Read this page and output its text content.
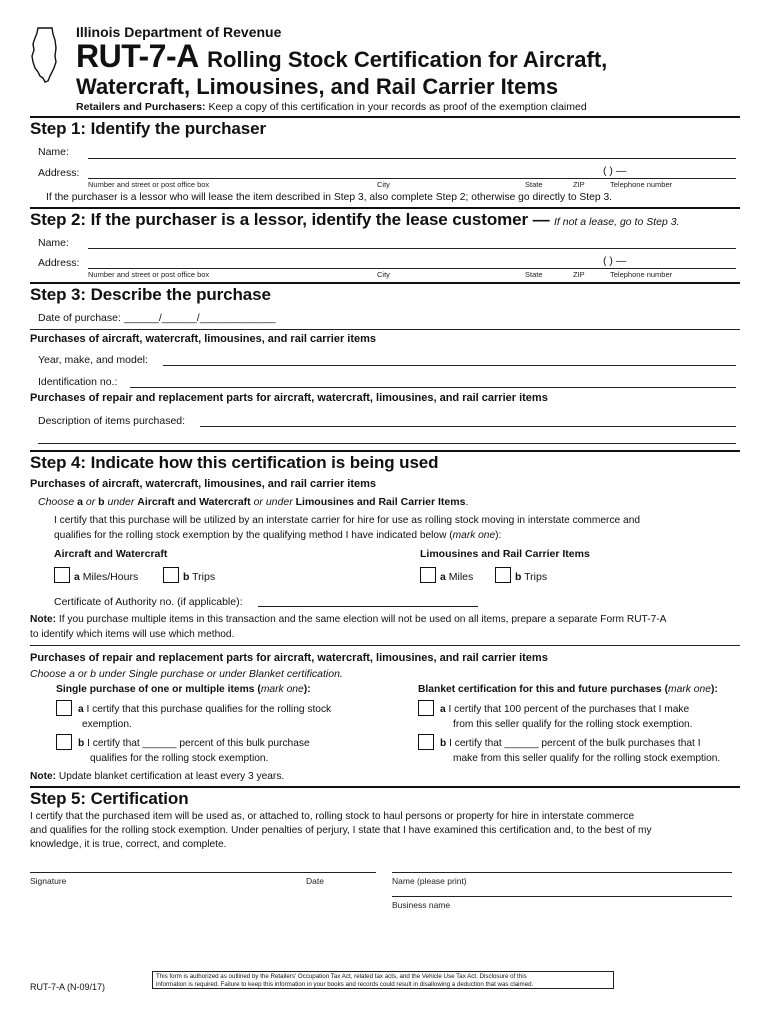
Illinois Department of Revenue
RUT-7-A Rolling Stock Certification for Aircraft,
Watercraft, Limousines, and Rail Carrier Items
Retailers and Purchasers: Keep a copy of this certification in your records as proof of the exemption claimed
Step 1: Identify the purchaser
Name:
Address:	( ) —
Number and street or post office box	City	State	ZIP	Telephone number
If the purchaser is a lessor who will lease the item described in Step 3, also complete Step 2; otherwise go directly to Step 3.
Step 2: If the purchaser is a lessor, identify the lease customer — If not a lease, go to Step 3.
Name:
Address:	( ) —
Number and street or post office box	City	State	ZIP	Telephone number
Step 3: Describe the purchase
Date of purchase: ______/______/_____________
Purchases of aircraft, watercraft, limousines, and rail carrier items
Year, make, and model:
Identification no.:
Purchases of repair and replacement parts for aircraft, watercraft, limousines, and rail carrier items
Description of items purchased:
Step 4: Indicate how this certification is being used
Purchases of aircraft, watercraft, limousines, and rail carrier items
Choose a or b under Aircraft and Watercraft or under Limousines and Rail Carrier Items.
I certify that this purchase will be utilized by an interstate carrier for hire for use as rolling stock moving in interstate commerce and
qualifies for the rolling stock exemption by the qualifying method I have indicated below (mark one):
Aircraft and Watercraft	Limousines and Rail Carrier Items
a Miles/Hours	b Trips	a Miles	b Trips
Certificate of Authority no. (if applicable):
Note: If you purchase multiple items in this transaction and the same election will not be used on all items, prepare a separate Form RUT-7-A
to identify which items will use which method.
Purchases of repair and replacement parts for aircraft, watercraft, limousines, and rail carrier items
Choose a or b under Single purchase or under Blanket certification.
Single purchase of one or multiple items (mark one):	Blanket certification for this and future purchases (mark one):
a I certify that this purchase qualifies for the rolling stock
exemption.
b I certify that ______ percent of this bulk purchase
qualifies for the rolling stock exemption.
a I certify that 100 percent of the purchases that I make
from this seller qualify for the rolling stock exemption.
b I certify that ______ percent of the bulk purchases that I
make from this seller qualify for the rolling stock exemption.
Note: Update blanket certification at least every 3 years.
Step 5: Certification
I certify that the purchased item will be used as, or attached to, rolling stock to haul persons or property for hire in interstate commerce
and qualifies for the rolling stock exemption. Under penalties of perjury, I state that I have examined this certification and, to the best of my
knowledge, it is true, correct, and complete.
Signature	Date	Name (please print)
Business name
RUT-7-A (N-09/17)
This form is authorized as outlined by the Retailers' Occupation Tax Act, related tax acts, and the Vehicle Use Tax Act. Disclosure of this
information is required. Failure to keep this information in your books and records could result in disallowing a deduction that was claimed.
